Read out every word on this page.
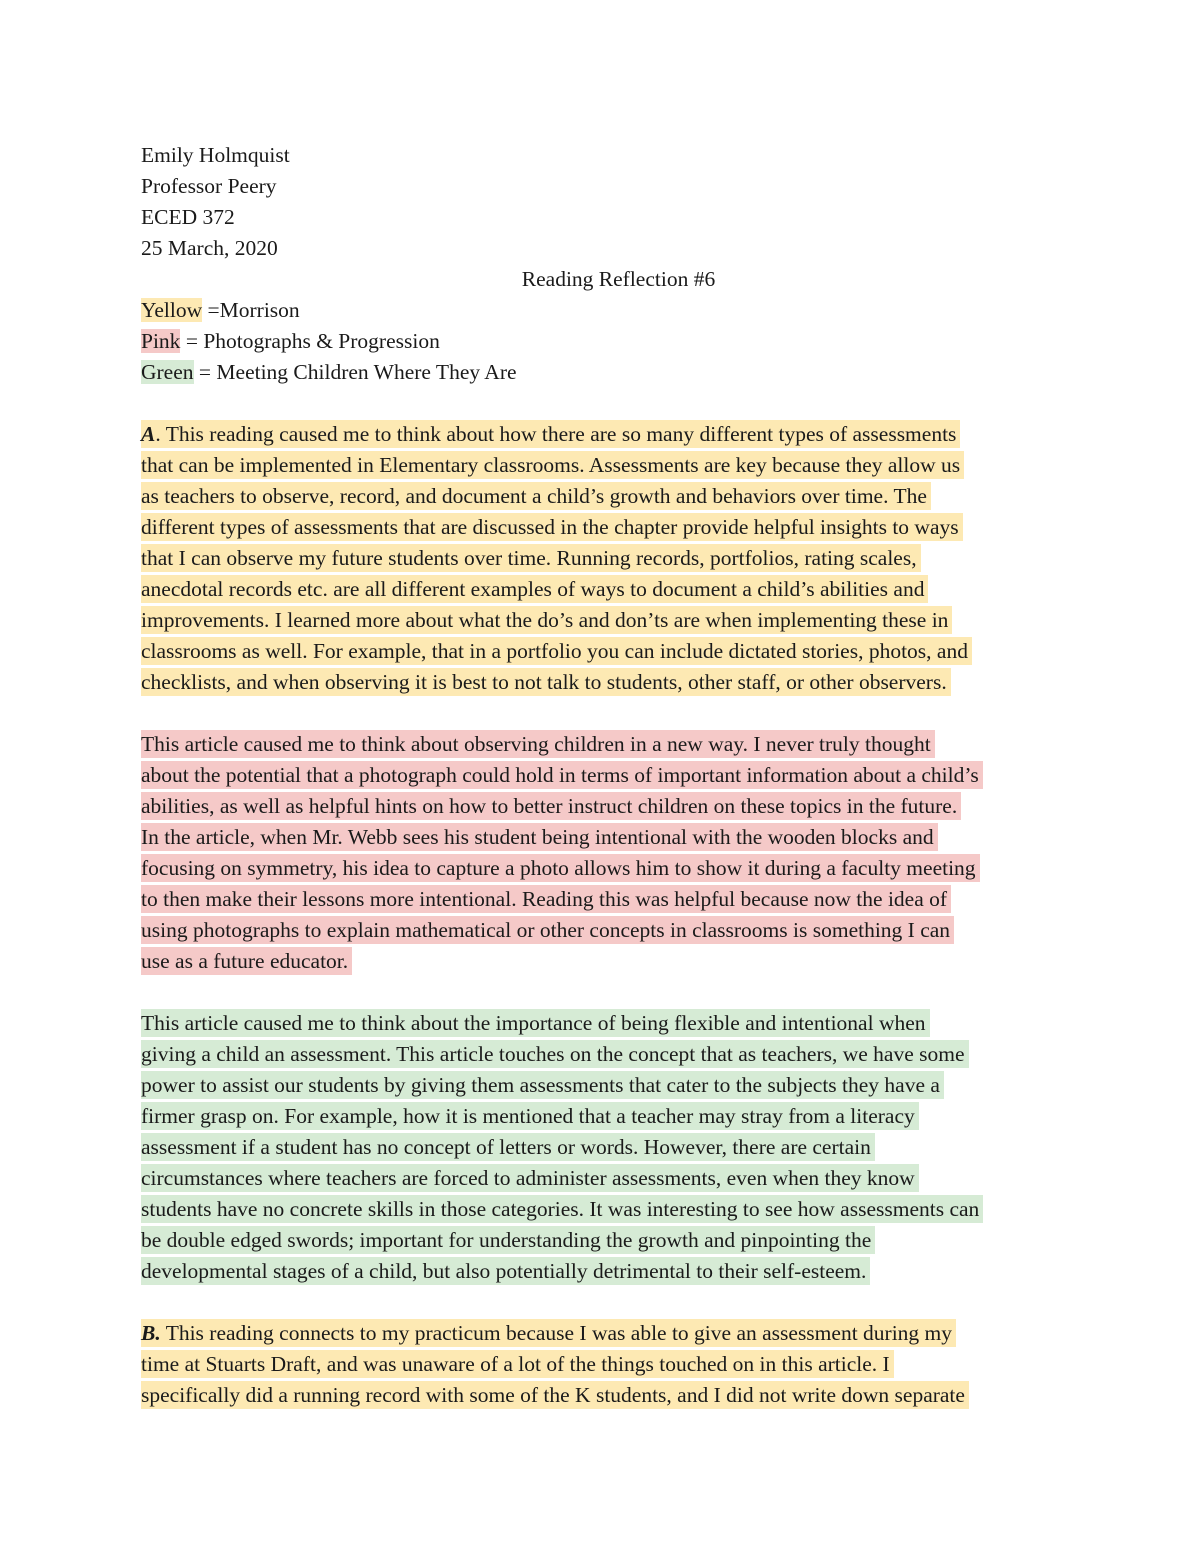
Emily Holmquist
Professor Peery
ECED 372
25 March, 2020
Reading Reflection #6
Yellow =Morrison
Pink = Photographs & Progression
Green = Meeting Children Where They Are
A. This reading caused me to think about how there are so many different types of assessments
that can be implemented in Elementary classrooms. Assessments are key because they allow us
as teachers to observe, record, and document a child’s growth and behaviors over time. The
different types of assessments that are discussed in the chapter provide helpful insights to ways
that I can observe my future students over time. Running records, portfolios, rating scales,
anecdotal records etc. are all different examples of ways to document a child’s abilities and
improvements. I learned more about what the do’s and don’ts are when implementing these in
classrooms as well. For example, that in a portfolio you can include dictated stories, photos, and
checklists, and when observing it is best to not talk to students, other staff, or other observers.
This article caused me to think about observing children in a new way. I never truly thought
about the potential that a photograph could hold in terms of important information about a child’s
abilities, as well as helpful hints on how to better instruct children on these topics in the future.
In the article, when Mr. Webb sees his student being intentional with the wooden blocks and
focusing on symmetry, his idea to capture a photo allows him to show it during a faculty meeting
to then make their lessons more intentional. Reading this was helpful because now the idea of
using photographs to explain mathematical or other concepts in classrooms is something I can
use as a future educator.
This article caused me to think about the importance of being flexible and intentional when
giving a child an assessment. This article touches on the concept that as teachers, we have some
power to assist our students by giving them assessments that cater to the subjects they have a
firmer grasp on. For example, how it is mentioned that a teacher may stray from a literacy
assessment if a student has no concept of letters or words. However, there are certain
circumstances where teachers are forced to administer assessments, even when they know
students have no concrete skills in those categories. It was interesting to see how assessments can
be double edged swords; important for understanding the growth and pinpointing the
developmental stages of a child, but also potentially detrimental to their self-esteem.
B. This reading connects to my practicum because I was able to give an assessment during my
time at Stuarts Draft, and was unaware of a lot of the things touched on in this article. I
specifically did a running record with some of the K students, and I did not write down separate
